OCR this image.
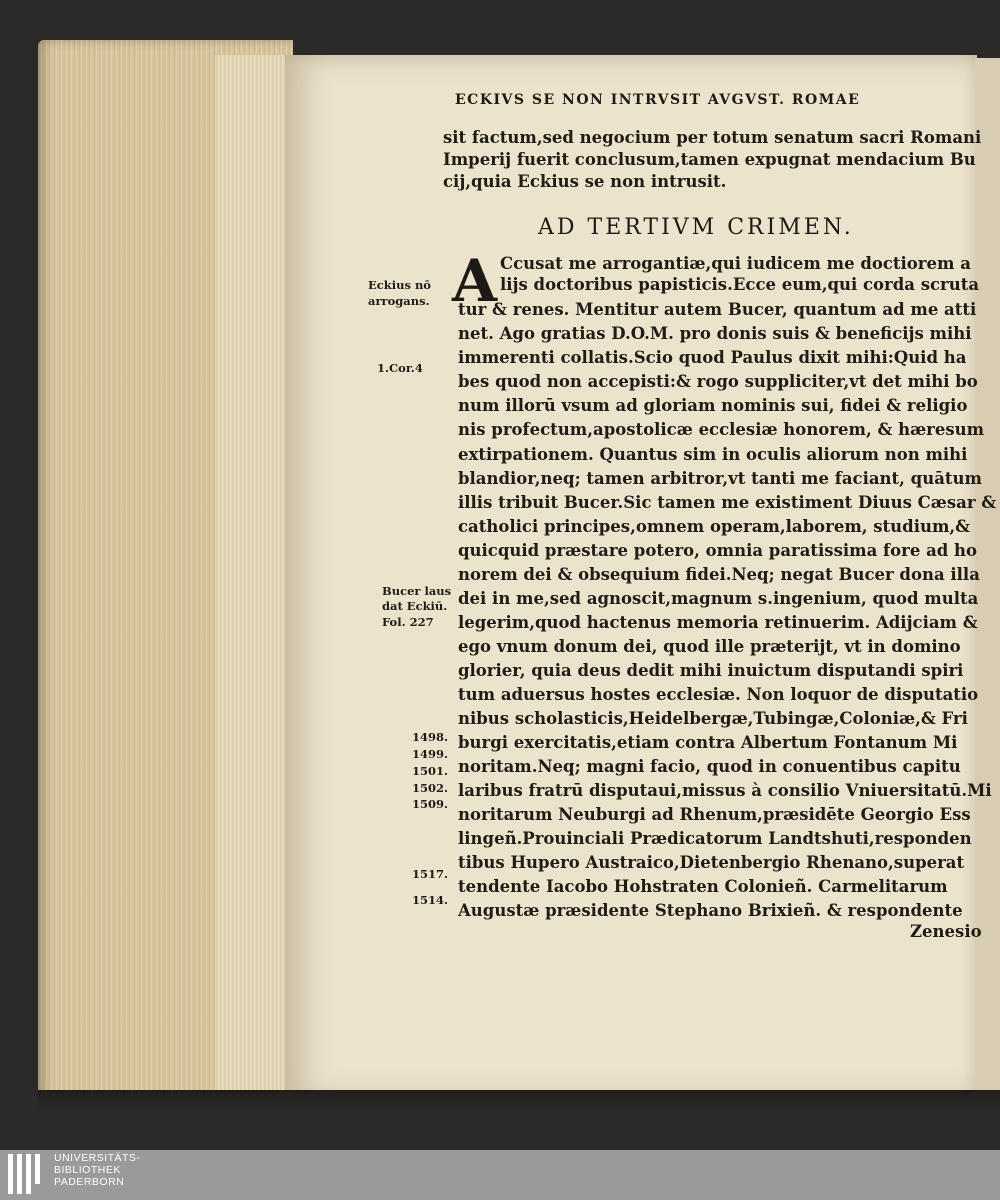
ECKIVS SE NON INTRVSIT AVGVST. ROMAE
sit factum,sed negocium per totum senatum sacri Romani
Imperij fuerit conclusum,tamen expugnat mendacium Bu
cij,quia Eckius se non intrusit.
AD TERTIVM CRIMEN.
A Ccusat me arrogantiæ,qui iudicem me doctiorem a
lijs doctoribus papisticis.Ecce eum,qui corda scruta
tur & renes. Mentitur autem Bucer, quantum ad me atti
net. Ago gratias D.O.M. pro donis suis & beneficijs mihi
immerenti collatis.Scio quod Paulus dixit mihi:Quid ha
bes quod non accepisti:& rogo suppliciter,vt det mihi bo
num illorū vsum ad gloriam nominis sui, fidei & religio
nis profectum,apostolicæ ecclesiæ honorem, & hæresum
extirpationem. Quantus sim in oculis aliorum non mihi
blandior,neq; tamen arbitror,vt tanti me faciant, quātum
illis tribuit Bucer.Sic tamen me existiment Diuus Cæsar &
catholici principes,omnem operam,laborem, studium,&
quicquid præstare potero, omnia paratissima fore ad ho
norem dei & obsequium fidei.Neq; negat Bucer dona illa
dei in me,sed agnoscit,magnum s.ingenium, quod multa
legerim,quod hactenus memoria retinuerim. Adijciam &
ego vnum donum dei, quod ille præterijt, vt in domino
glorier, quia deus dedit mihi inuictum disputandi spiri
tum aduersus hostes ecclesiæ. Non loquor de disputatio
nibus scholasticis,Heidelbergæ,Tubingæ,Coloniæ,& Fri
burgi exercitatis,etiam contra Albertum Fontanum Mi
noritam.Neq; magni facio, quod in conuentibus capitu
laribus fratrū disputaui,missus à consilio Vniuersitatū.Mi
noritarum Neuburgi ad Rhenum,præsidēte Georgio Ess
lingeñ.Prouinciali Prædicatorum Landtshuti,responden
tibus Hupero Austraico,Dietenbergio Rhenano,superat
tendente Iacobo Hohstraten Colonieñ. Carmelitarum
Augustæ præsidente Stephano Brixieñ. & respondente
Zenesio
Eckius nō
arrogans.
1.Cor.4
Bucer laus
dat Eckiū.
Fol. 227
1498.
1499.
1501.
1502.
1509.
1517.
1514.
UNIVERSITÄTS-
BIBLIOTHEK
PADERBORN
